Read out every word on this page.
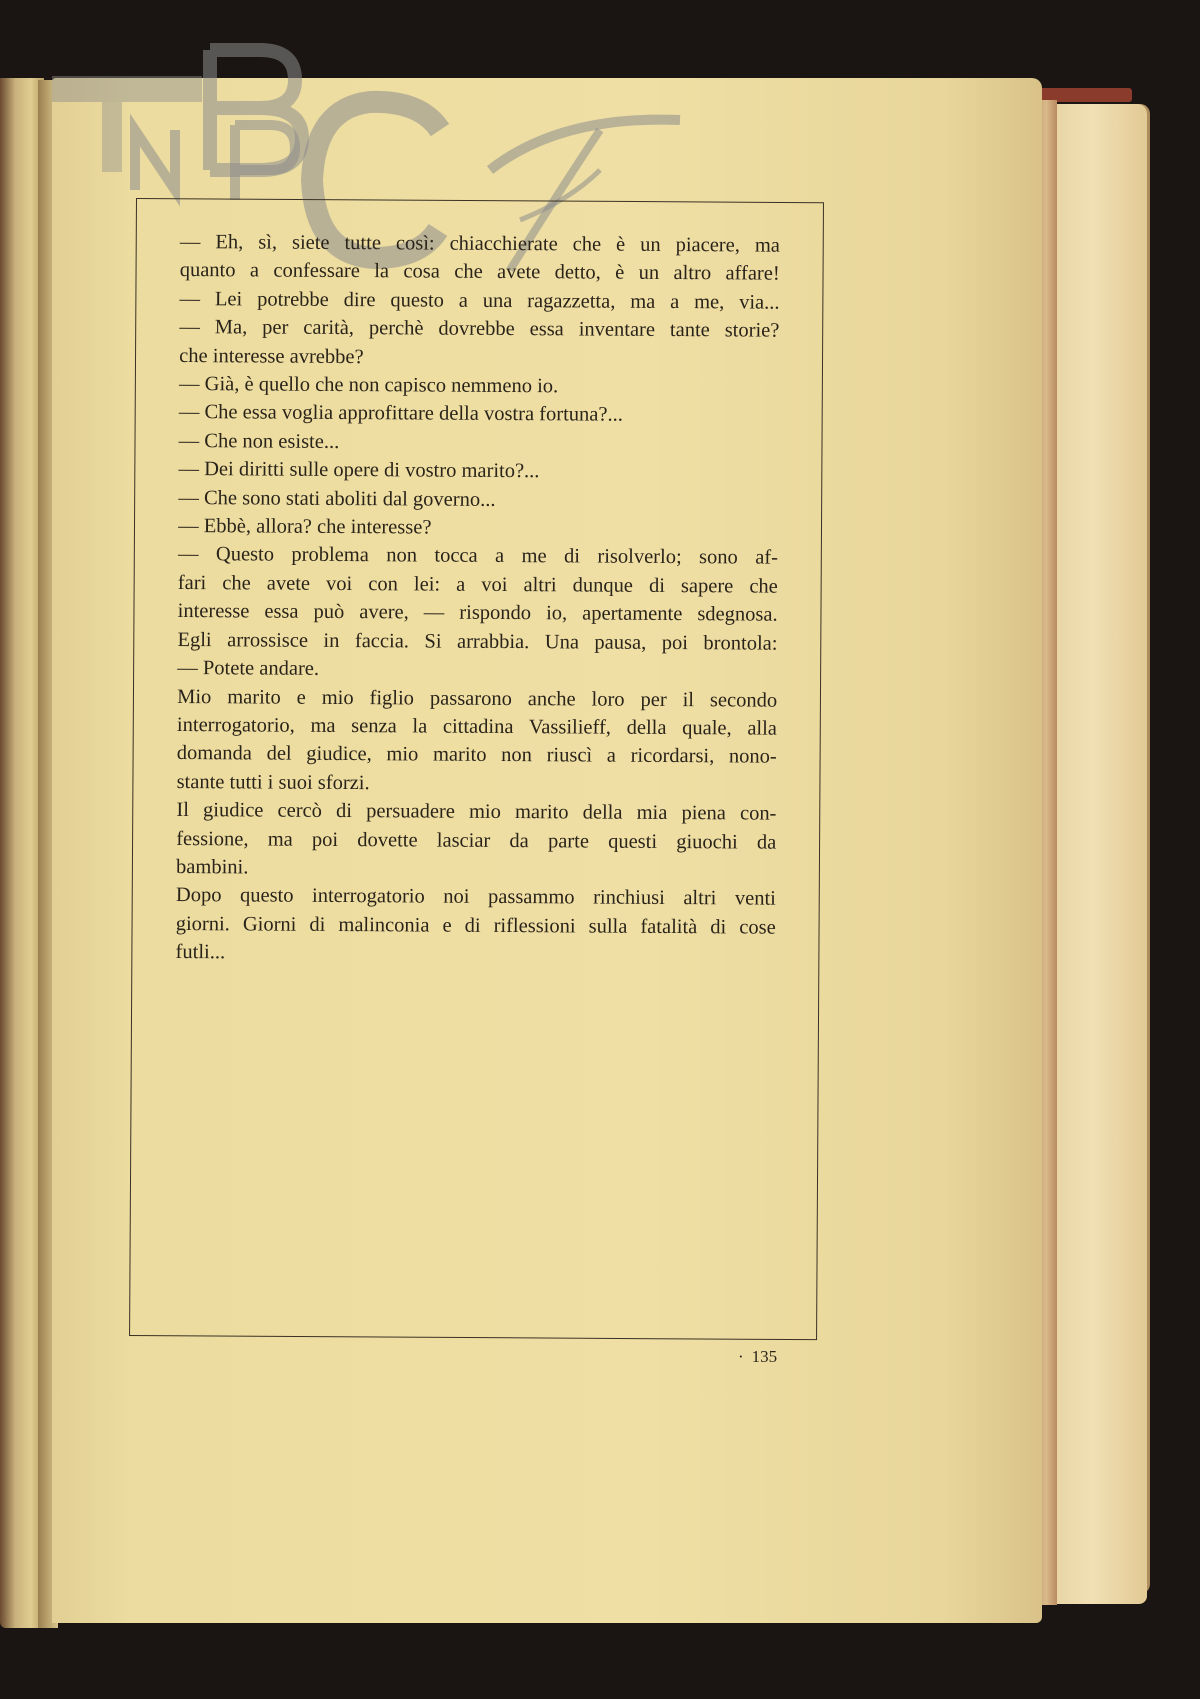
BNCF
— Eh, sì, siete tutte così: chiacchierate che è un piacere, ma
quanto a confessare la cosa che avete detto, è un altro affare!
— Lei potrebbe dire questo a una ragazzetta, ma a me, via...
— Ma, per carità, perchè dovrebbe essa inventare tante storie?
che interesse avrebbe?
— Già, è quello che non capisco nemmeno io.
— Che essa voglia approfittare della vostra fortuna?...
— Che non esiste...
— Dei diritti sulle opere di vostro marito?...
— Che sono stati aboliti dal governo...
— Ebbè, allora? che interesse?
— Questo problema non tocca a me di risolverlo; sono af-
fari che avete voi con lei: a voi altri dunque di sapere che
interesse essa può avere, — rispondo io, apertamente sdegnosa.
Egli arrossisce in faccia. Si arrabbia. Una pausa, poi brontola:
— Potete andare.
Mio marito e mio figlio passarono anche loro per il secondo
interrogatorio, ma senza la cittadina Vassilieff, della quale, alla
domanda del giudice, mio marito non riuscì a ricordarsi, nono-
stante tutti i suoi sforzi.
Il giudice cercò di persuadere mio marito della mia piena con-
fessione, ma poi dovette lasciar da parte questi giuochi da
bambini.
Dopo questo interrogatorio noi passammo rinchiusi altri venti
giorni. Giorni di malinconia e di riflessioni sulla fatalità di cose
futli...
· 135
